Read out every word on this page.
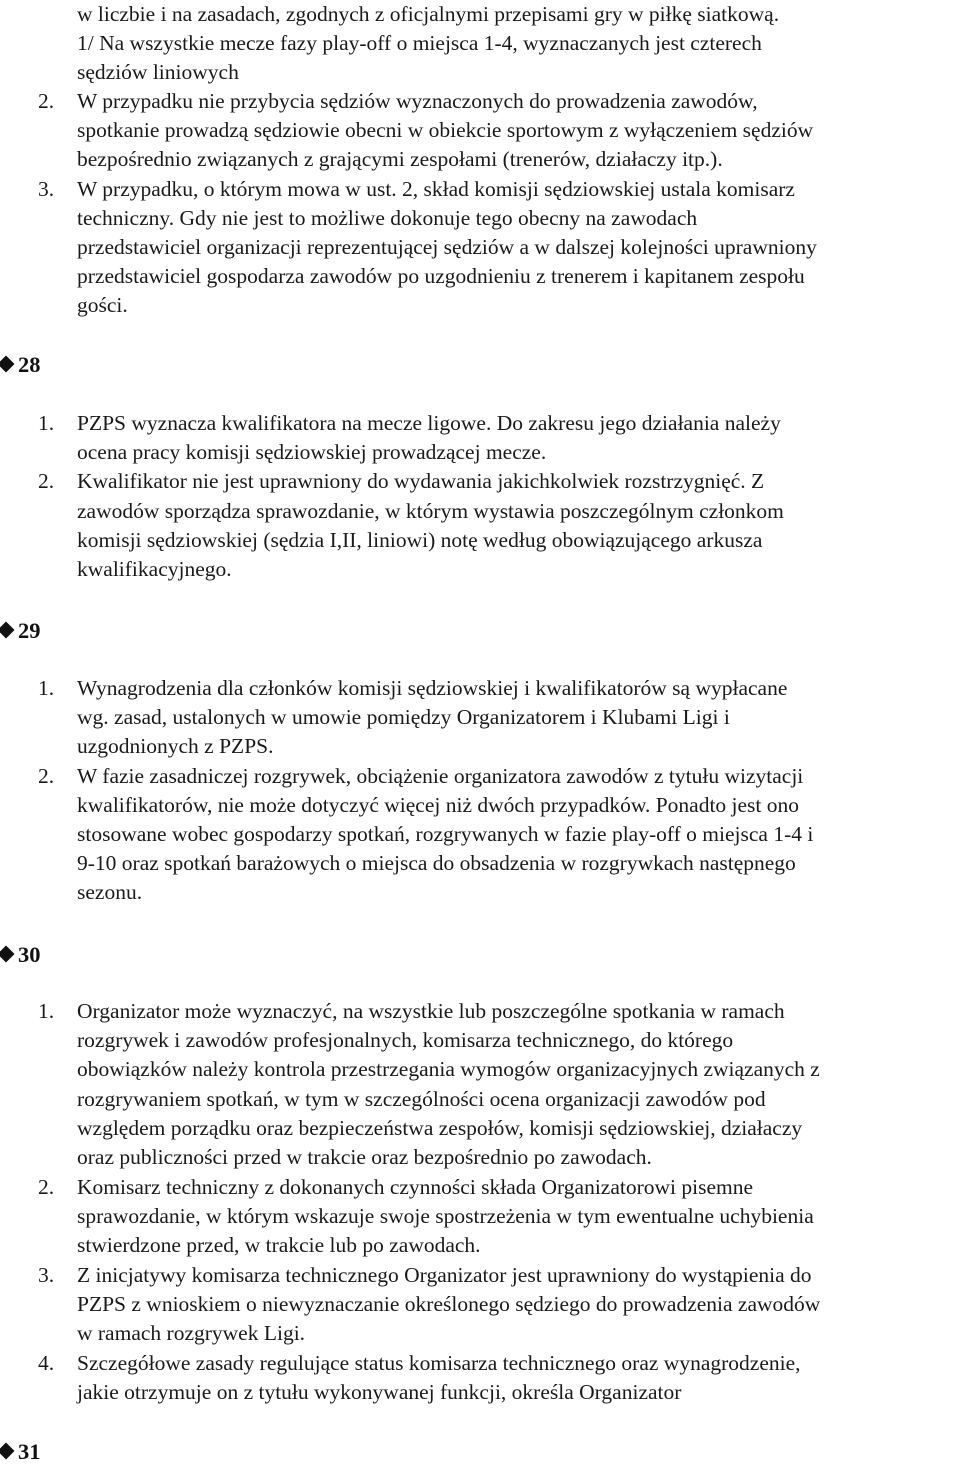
w liczbie i na zasadach, zgodnych z oficjalnymi przepisami gry w piłkę siatkową.
1/ Na wszystkie mecze fazy play-off o miejsca 1-4, wyznaczanych jest czterech
sędziów liniowych
2. W przypadku nie przybycia sędziów wyznaczonych do prowadzenia zawodów,
spotkanie prowadzą sędziowie obecni w obiekcie sportowym z wyłączeniem sędziów
bezpośrednio związanych z grającymi zespołami (trenerów, działaczy itp.).
3. W przypadku, o którym mowa w ust. 2, skład komisji sędziowskiej ustala komisarz
techniczny. Gdy nie jest to możliwe dokonuje tego obecny na zawodach
przedstawiciel organizacji reprezentującej sędziów a w dalszej kolejności uprawniony
przedstawiciel gospodarza zawodów po uzgodnieniu z trenerem i kapitanem zespołu
gości.
28
1. PZPS wyznacza kwalifikatora na mecze ligowe. Do zakresu jego działania należy
ocena pracy komisji sędziowskiej prowadzącej mecze.
2. Kwalifikator nie jest uprawniony do wydawania jakichkolwiek rozstrzygnięć. Z
zawodów sporządza sprawozdanie, w którym wystawia poszczególnym członkom
komisji sędziowskiej (sędzia I,II, liniowi) notę według obowiązującego arkusza
kwalifikacyjnego.
29
1. Wynagrodzenia dla członków komisji sędziowskiej i kwalifikatorów są wypłacane
wg. zasad, ustalonych w umowie pomiędzy Organizatorem i Klubami Ligi i
uzgodnionych z PZPS.
2. W fazie zasadniczej rozgrywek, obciążenie organizatora zawodów z tytułu wizytacji
kwalifikatorów, nie może dotyczyć więcej niż dwóch przypadków. Ponadto jest ono
stosowane wobec gospodarzy spotkań, rozgrywanych w fazie play-off o miejsca 1-4 i
9-10 oraz spotkań barażowych o miejsca do obsadzenia w rozgrywkach następnego
sezonu.
30
1. Organizator może wyznaczyć, na wszystkie lub poszczególne spotkania w ramach
rozgrywek i zawodów profesjonalnych, komisarza technicznego, do którego
obowiązków należy kontrola przestrzegania wymogów organizacyjnych związanych z
rozgrywaniem spotkań, w tym w szczególności ocena organizacji zawodów pod
względem porządku oraz bezpieczeństwa zespołów, komisji sędziowskiej, działaczy
oraz publiczności przed w trakcie oraz bezpośrednio po zawodach.
2. Komisarz techniczny z dokonanych czynności składa Organizatorowi pisemne
sprawozdanie, w którym wskazuje swoje spostrzeżenia w tym ewentualne uchybienia
stwierdzone przed, w trakcie lub po zawodach.
3. Z inicjatywy komisarza technicznego Organizator jest uprawniony do wystąpienia do
PZPS z wnioskiem o niewyznaczanie określonego sędziego do prowadzenia zawodów
w ramach rozgrywek Ligi.
4. Szczegółowe zasady regulujące status komisarza technicznego oraz wynagrodzenie,
jakie otrzymuje on z tytułu wykonywanej funkcji, określa Organizator
31
